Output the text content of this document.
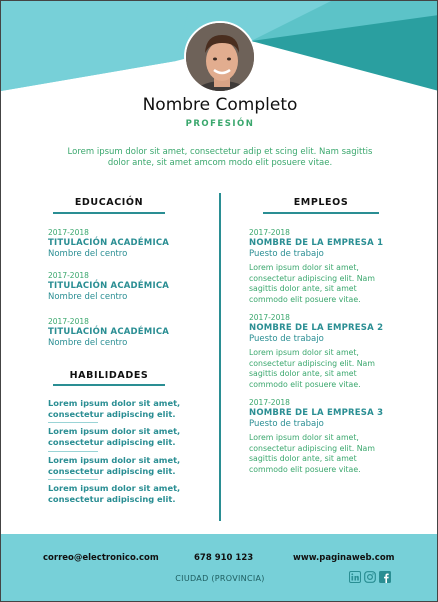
Nombre Completo
PROFESIÓN
Lorem ipsum dolor sit amet, consectetur adip et scing elit. Nam sagittis dolor ante, sit amet amcom modo elit posuere vitae.
EDUCACIÓN
2017-2018
TITULACIÓN ACADÉMICA
Nombre del centro
2017-2018
TITULACIÓN ACADÉMICA
Nombre del centro
2017-2018
TITULACIÓN ACADÉMICA
Nombre del centro
HABILIDADES
Lorem ipsum dolor sit amet, consectetur adipiscing elit.
Lorem ipsum dolor sit amet, consectetur adipiscing elit.
Lorem ipsum dolor sit amet, consectetur adipiscing elit.
Lorem ipsum dolor sit amet, consectetur adipiscing elit.
EMPLEOS
2017-2018
NOMBRE DE LA EMPRESA 1
Puesto de trabajo
Lorem ipsum dolor sit amet, consectetur adipiscing elit. Nam sagittis dolor ante, sit amet commodo elit posuere vitae.
2017-2018
NOMBRE DE LA EMPRESA 2
Puesto de trabajo
Lorem ipsum dolor sit amet, consectetur adipiscing elit. Nam sagittis dolor ante, sit amet commodo elit posuere vitae.
2017-2018
NOMBRE DE LA EMPRESA 3
Puesto de trabajo
Lorem ipsum dolor sit amet, consectetur adipiscing elit. Nam sagittis dolor ante, sit amet commodo elit posuere vitae.
correo@electronico.com	678 910 123	www.paginaweb.com
CIUDAD (PROVINCIA)
